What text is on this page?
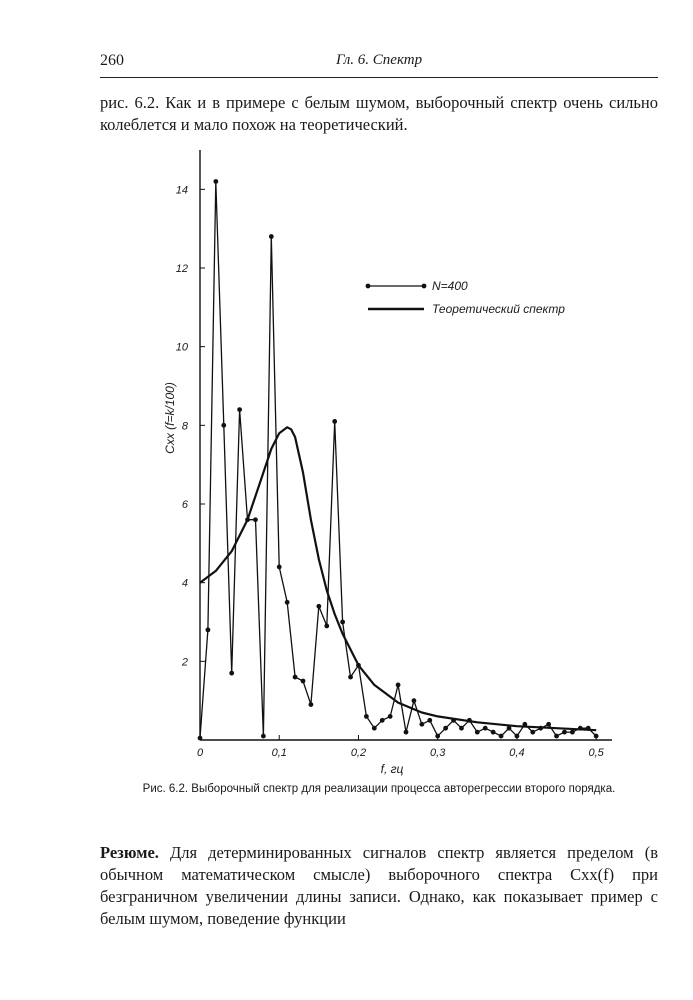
260	Гл. 6. Спектр

рис. 6.2. Как и в примере с белым шумом, выборочный спектр очень сильно колеблется и мало похож на теоретический.

0	0,1	0,2	0,3	0,4	0,5
2
4
6
8
10
12
14
N=400
Теоретический спектр
Cxx (f=k/100)
f, гц
Рис. 6.2. Выборочный спектр для реализации процесса авторегрессии второго порядка.

Резюме. Для детерминированных сигналов спектр является пределом (в обычном математическом смысле) выборочного спектра Cxx(f) при безграничном увеличении длины записи. Однако, как показывает пример с белым шумом, поведение функции
